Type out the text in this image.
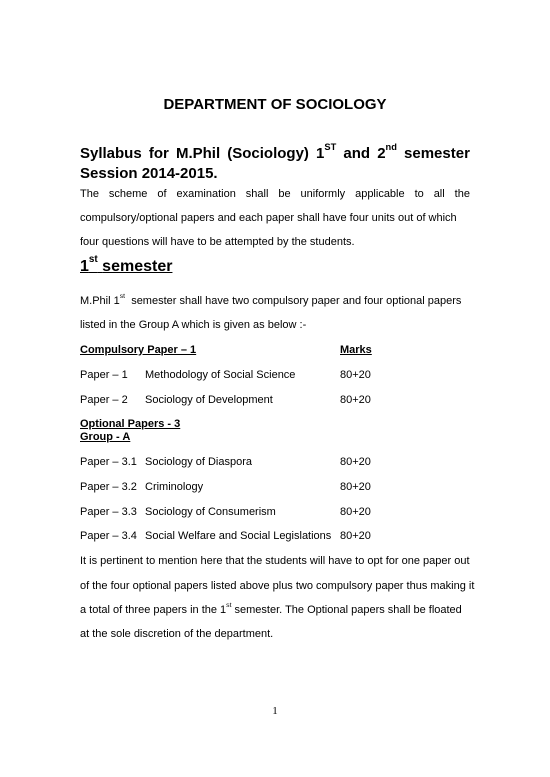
DEPARTMENT OF SOCIOLOGY
Syllabus for M.Phil (Sociology) 1ST and 2nd semester
Session 2014-2015.
The scheme of examination shall be uniformly applicable to all the
compulsory/optional papers and each paper shall have four units out of which
four questions will have to be attempted by the students.
1st semester
M.Phil 1st semester shall have two compulsory paper and four optional papers
listed in the Group A which is given as below :-
Compulsory Paper – 1	Marks
Paper – 1 Methodology of Social Science	80+20
Paper – 2 Sociology of Development	80+20
Optional Papers - 3
Group - A
Paper – 3.1 Sociology of Diaspora	80+20
Paper – 3.2 Criminology	80+20
Paper – 3.3 Sociology of Consumerism	80+20
Paper – 3.4 Social Welfare and Social Legislations 80+20
It is pertinent to mention here that the students will have to opt for one paper out
of the four optional papers listed above plus two compulsory paper thus making it
a total of three papers in the 1st semester. The Optional papers shall be floated
at the sole discretion of the department.
1
